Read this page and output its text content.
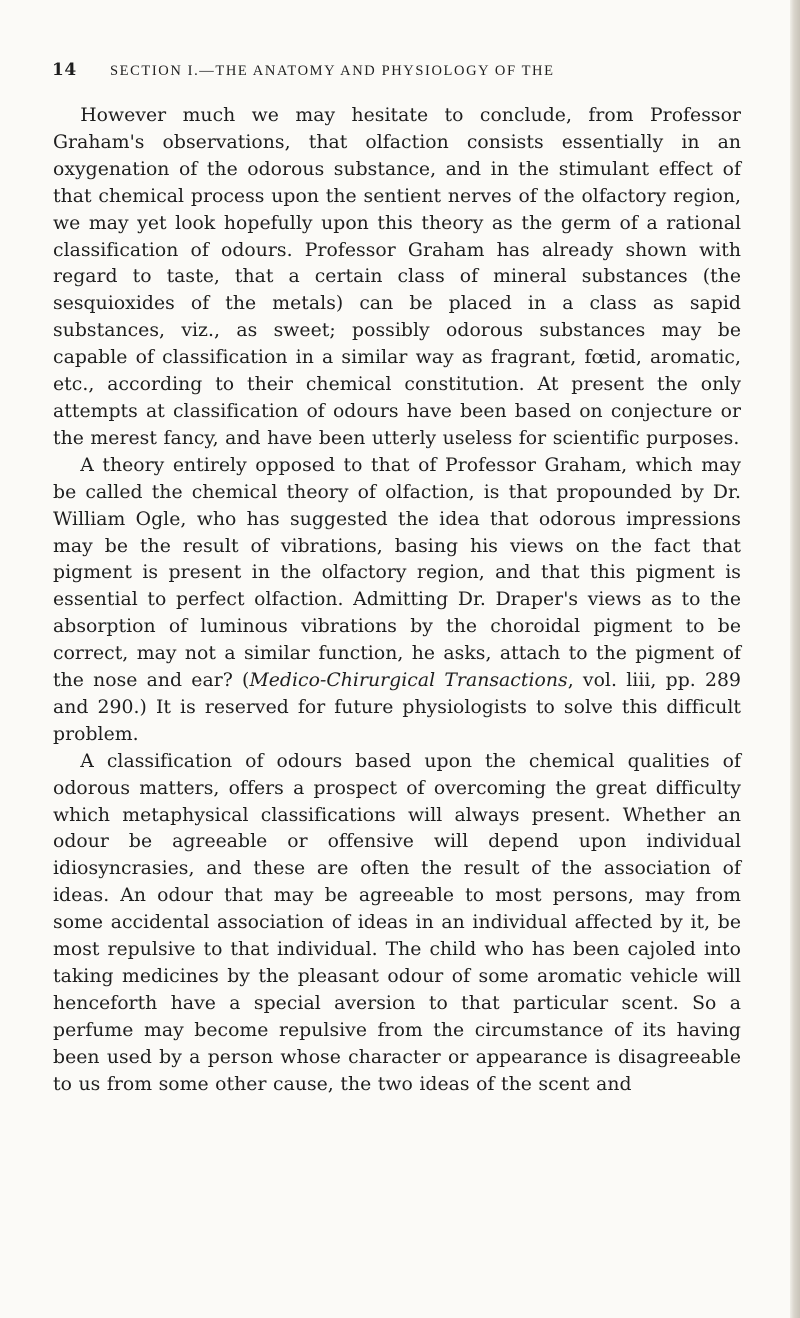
14 SECTION I.—THE ANATOMY AND PHYSIOLOGY OF THE

However much we may hesitate to conclude, from Professor Graham's observations, that olfaction consists essentially in an oxygenation of the odorous substance, and in the stimulant effect of that chemical process upon the sentient nerves of the olfactory region, we may yet look hopefully upon this theory as the germ of a rational classification of odours. Professor Graham has already shown with regard to taste, that a certain class of mineral substances (the sesquioxides of the metals) can be placed in a class as sapid substances, viz., as sweet; possibly odorous substances may be capable of classification in a similar way as fragrant, fœtid, aromatic, etc., according to their chemical constitution. At present the only attempts at classification of odours have been based on conjecture or the merest fancy, and have been utterly useless for scientific purposes.

A theory entirely opposed to that of Professor Graham, which may be called the chemical theory of olfaction, is that propounded by Dr. William Ogle, who has suggested the idea that odorous impressions may be the result of vibrations, basing his views on the fact that pigment is present in the olfactory region, and that this pigment is essential to perfect olfaction. Admitting Dr. Draper's views as to the absorption of luminous vibrations by the choroidal pigment to be correct, may not a similar function, he asks, attach to the pigment of the nose and ear? (Medico-Chirurgical Transactions, vol. liii, pp. 289 and 290.) It is reserved for future physiologists to solve this difficult problem.

A classification of odours based upon the chemical qualities of odorous matters, offers a prospect of overcoming the great difficulty which metaphysical classifications will always present. Whether an odour be agreeable or offensive will depend upon individual idiosyncrasies, and these are often the result of the association of ideas. An odour that may be agreeable to most persons, may from some accidental association of ideas in an individual affected by it, be most repulsive to that individual. The child who has been cajoled into taking medicines by the pleasant odour of some aromatic vehicle will henceforth have a special aversion to that particular scent. So a perfume may become repulsive from the circumstance of its having been used by a person whose character or appearance is disagreeable to us from some other cause, the two ideas of the scent and
